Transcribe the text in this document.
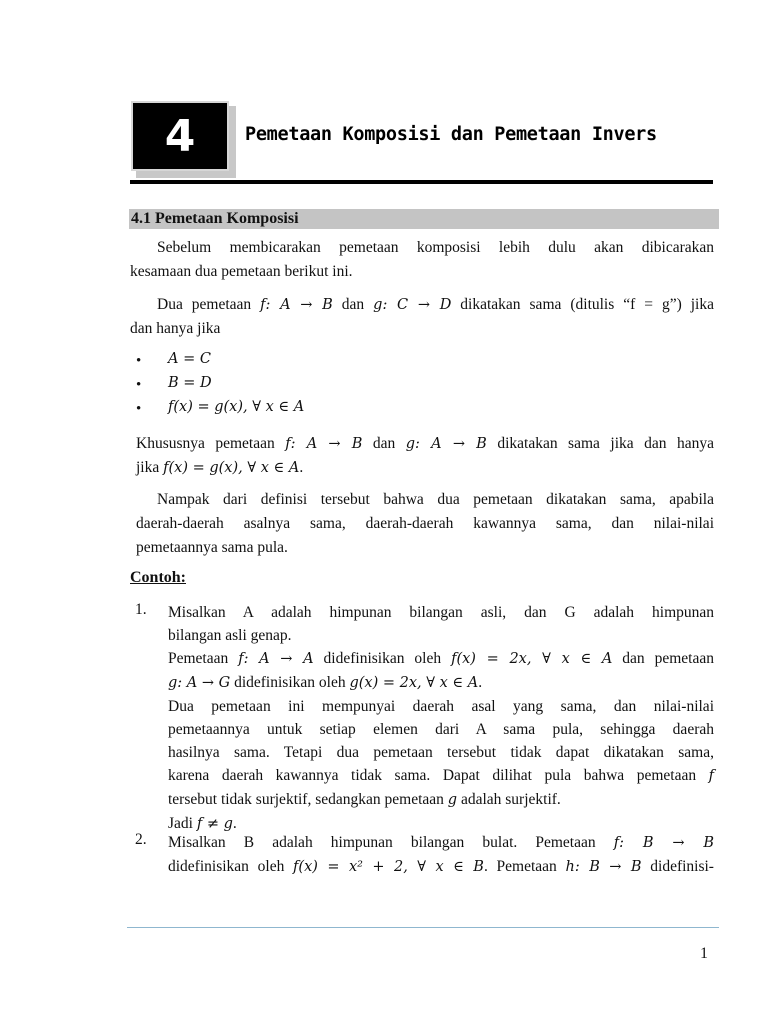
4	Pemetaan Komposisi dan Pemetaan Invers
4.1 Pemetaan Komposisi
Sebelum membicarakan pemetaan komposisi lebih dulu akan dibicarakan
kesamaan dua pemetaan berikut ini.
Dua pemetaan f: A → B dan g: C → D dikatakan sama (ditulis “f = g”) jika
dan hanya jika
• A = C
• B = D
• f(x) = g(x), ∀ x ∈ A
Khususnya pemetaan f: A → B dan g: A → B dikatakan sama jika dan hanya
jika f(x) = g(x), ∀ x ∈ A.
Nampak dari definisi tersebut bahwa dua pemetaan dikatakan sama, apabila
daerah-daerah asalnya sama, daerah-daerah kawannya sama, dan nilai-nilai
pemetaannya sama pula.
Contoh:
1. Misalkan A adalah himpunan bilangan asli, dan G adalah himpunan
bilangan asli genap.
Pemetaan f: A → A didefinisikan oleh f(x) = 2x, ∀ x ∈ A dan pemetaan
g: A → G didefinisikan oleh g(x) = 2x, ∀ x ∈ A.
Dua pemetaan ini mempunyai daerah asal yang sama, dan nilai-nilai
pemetaannya untuk setiap elemen dari A sama pula, sehingga daerah
hasilnya sama. Tetapi dua pemetaan tersebut tidak dapat dikatakan sama,
karena daerah kawannya tidak sama. Dapat dilihat pula bahwa pemetaan f
tersebut tidak surjektif, sedangkan pemetaan g adalah surjektif.
Jadi f ≠ g.
2. Misalkan B adalah himpunan bilangan bulat. Pemetaan f: B → B
didefinisikan oleh f(x) = x² + 2, ∀ x ∈ B. Pemetaan h: B → B didefinisi-
1
